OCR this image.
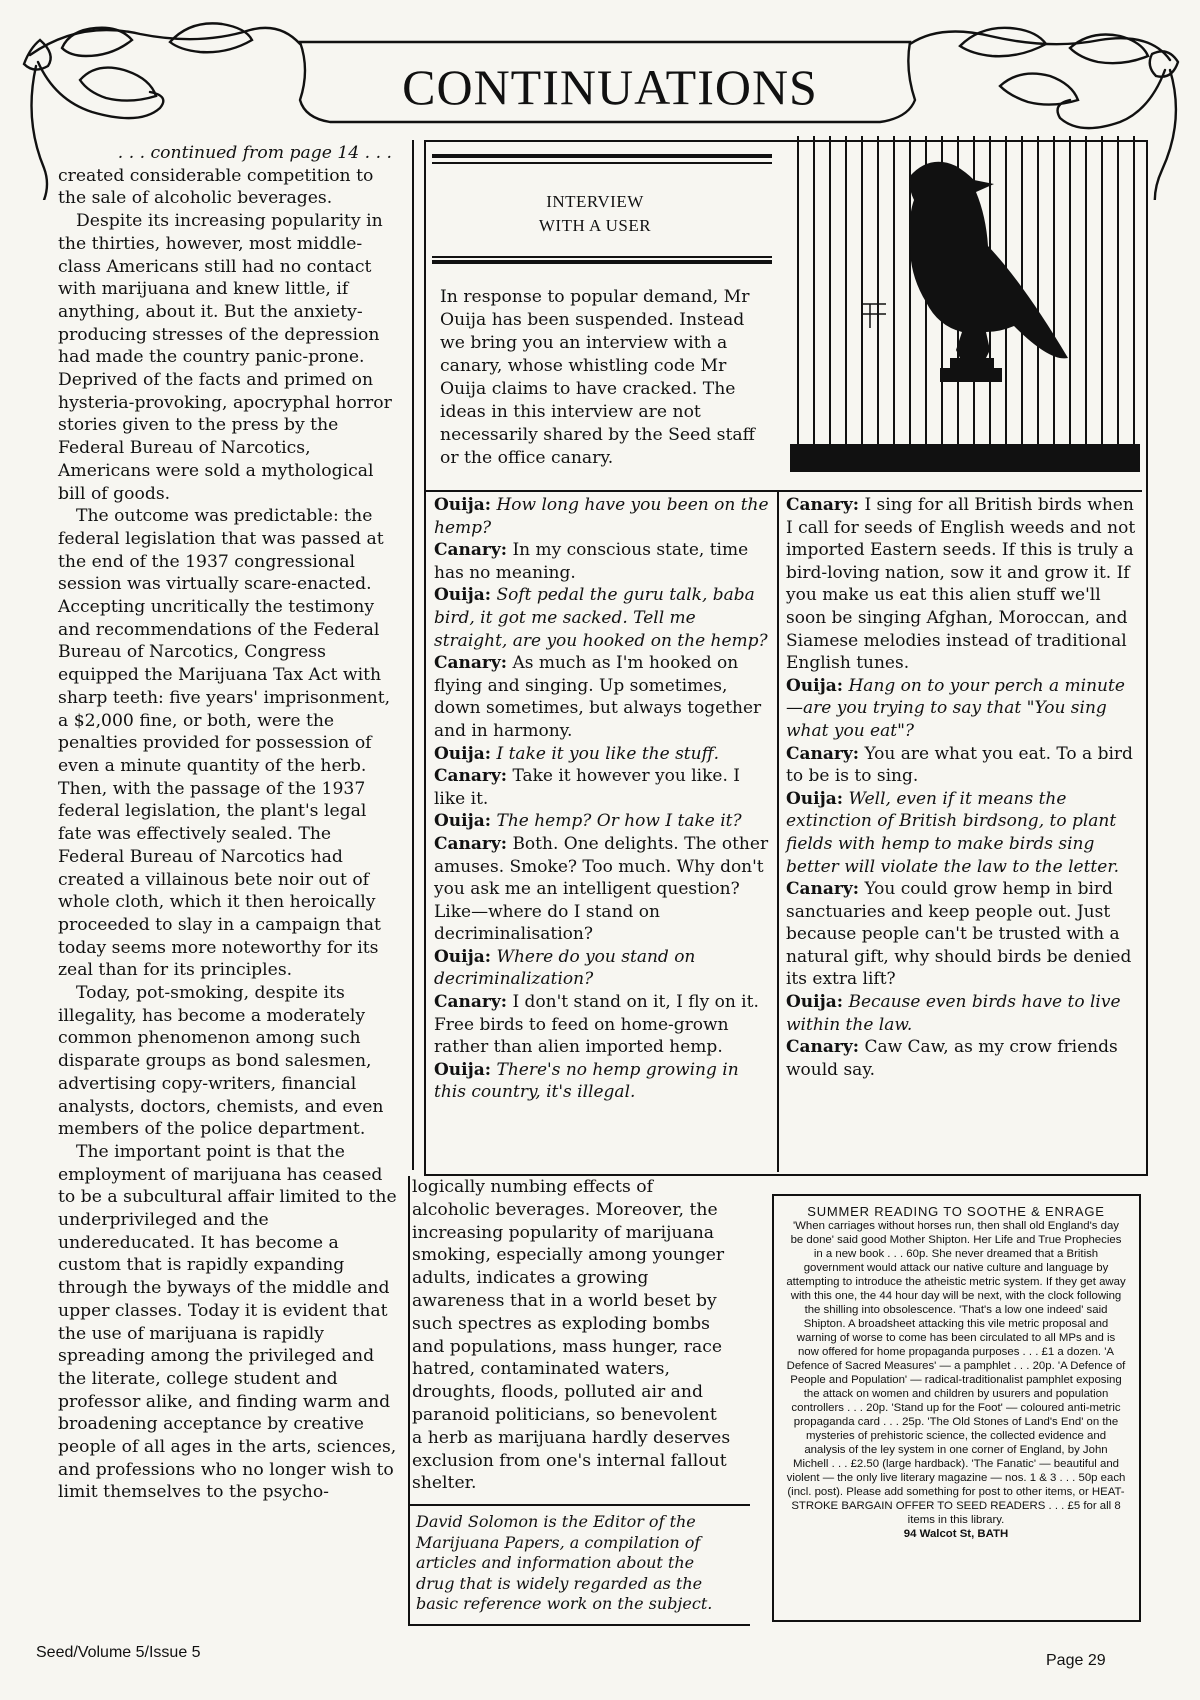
CONTINUATIONS
. . . continued from page 14 . . .

created considerable competition to the sale of alcoholic beverages.

Despite its increasing popularity in the thirties, however, most middle-class Americans still had no contact with marijuana and knew little, if anything, about it. But the anxiety-producing stresses of the depression had made the country panic-prone. Deprived of the facts and primed on hysteria-provoking, apocryphal horror stories given to the press by the Federal Bureau of Narcotics, Americans were sold a mythological bill of goods.

The outcome was predictable: the federal legislation that was passed at the end of the 1937 congressional session was virtually scare-enacted. Accepting uncritically the testimony and recommendations of the Federal Bureau of Narcotics, Congress equipped the Marijuana Tax Act with sharp teeth: five years' imprisonment, a $2,000 fine, or both, were the penalties provided for possession of even a minute quantity of the herb. Then, with the passage of the 1937 federal legislation, the plant's legal fate was effectively sealed. The Federal Bureau of Narcotics had created a villainous bete noir out of whole cloth, which it then heroically proceeded to slay in a campaign that today seems more noteworthy for its zeal than for its principles.

Today, pot-smoking, despite its illegality, has become a moderately common phenomenon among such disparate groups as bond salesmen, advertising copy-writers, financial analysts, doctors, chemists, and even members of the police department.

The important point is that the employment of marijuana has ceased to be a subcultural affair limited to the underprivileged and the undereducated. It has become a custom that is rapidly expanding through the byways of the middle and upper classes. Today it is evident that the use of marijuana is rapidly spreading among the privileged and the literate, college student and professor alike, and finding warm and broadening acceptance by creative people of all ages in the arts, sciences, and professions who no longer wish to limit themselves to the psycho-

INTERVIEW
WITH A USER
In response to popular demand, Mr Ouija has been suspended. Instead we bring you an interview with a canary, whose whistling code Mr Ouija claims to have cracked. The ideas in this interview are not necessarily shared by the Seed staff or the office canary.
Ouija: How long have you been on the hemp?
Canary: In my conscious state, time has no meaning.
Ouija: Soft pedal the guru talk, baba bird, it got me sacked. Tell me straight, are you hooked on the hemp?
Canary: As much as I'm hooked on flying and singing. Up sometimes, down sometimes, but always together and in harmony.
Ouija: I take it you like the stuff.
Canary: Take it however you like. I like it.
Ouija: The hemp? Or how I take it?
Canary: Both. One delights. The other amuses. Smoke? Too much. Why don't you ask me an intelligent question? Like—where do I stand on decriminalisation?
Ouija: Where do you stand on decriminalization?
Canary: I don't stand on it, I fly on it. Free birds to feed on home-grown rather than alien imported hemp.
Ouija: There's no hemp growing in this country, it's illegal.
Canary: I sing for all British birds when I call for seeds of English weeds and not imported Eastern seeds. If this is truly a bird-loving nation, sow it and grow it. If you make us eat this alien stuff we'll soon be singing Afghan, Moroccan, and Siamese melodies instead of traditional English tunes.
Ouija: Hang on to your perch a minute—are you trying to say that "You sing what you eat"?
Canary: You are what you eat. To a bird to be is to sing.
Ouija: Well, even if it means the extinction of British birdsong, to plant fields with hemp to make birds sing better will violate the law to the letter.
Canary: You could grow hemp in bird sanctuaries and keep people out. Just because people can't be trusted with a natural gift, why should birds be denied its extra lift?
Ouija: Because even birds have to live within the law.
Canary: Caw Caw, as my crow friends would say.
logically numbing effects of alcoholic beverages. Moreover, the increasing popularity of marijuana smoking, especially among younger adults, indicates a growing awareness that in a world beset by such spectres as exploding bombs and populations, mass hunger, race hatred, contaminated waters, droughts, floods, polluted air and paranoid politicians, so benevolent a herb as marijuana hardly deserves exclusion from one's internal fallout shelter.
David Solomon is the Editor of the Marijuana Papers, a compilation of articles and information about the drug that is widely regarded as the basic reference work on the subject.
SUMMER READING TO SOOTHE & ENRAGE
'When carriages without horses run, then shall old England's day be done' said good Mother Shipton. Her Life and True Prophecies in a new book . . . 60p. She never dreamed that a British government would attack our native culture and language by attempting to introduce the atheistic metric system. If they get away with this one, the 44 hour day will be next, with the clock following the shilling into obsolescence. 'That's a low one indeed' said Shipton. A broadsheet attacking this vile metric proposal and warning of worse to come has been circulated to all MPs and is now offered for home propaganda purposes . . . £1 a dozen. 'A Defence of Sacred Measures' — a pamphlet . . . 20p. 'A Defence of People and Population' — radical-traditionalist pamphlet exposing the attack on women and children by usurers and population controllers . . . 20p. 'Stand up for the Foot' — coloured anti-metric propaganda card . . . 25p. 'The Old Stones of Land's End' on the mysteries of prehistoric science, the collected evidence and analysis of the ley system in one corner of England, by John Michell . . . £2.50 (large hardback). 'The Fanatic' — beautiful and violent — the only live literary magazine — nos. 1 & 3 . . . 50p each (incl. post). Please add something for post to other items, or HEAT-STROKE BARGAIN OFFER TO SEED READERS . . . £5 for all 8 items in this library.
94 Walcot St, BATH
Seed/Volume 5/Issue 5	Page 29
